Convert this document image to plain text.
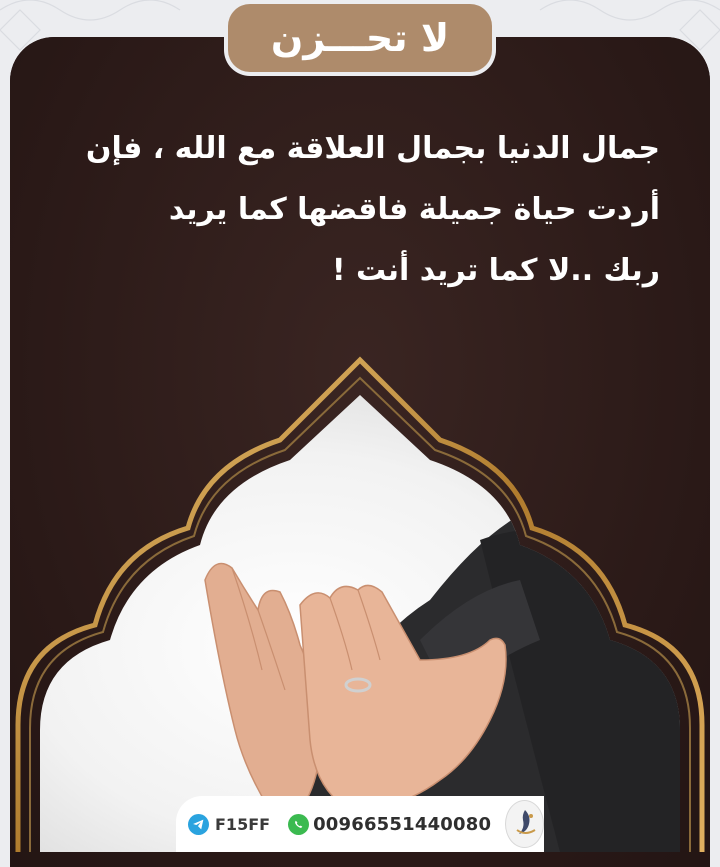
لا تحـــزن
جمال الدنيا بجمال العلاقة مع الله ، فإن
أردت حياة جميلة فاقضها كما يريد
ربك ..لا كما تريد أنت !
F15FF 00966551440080
